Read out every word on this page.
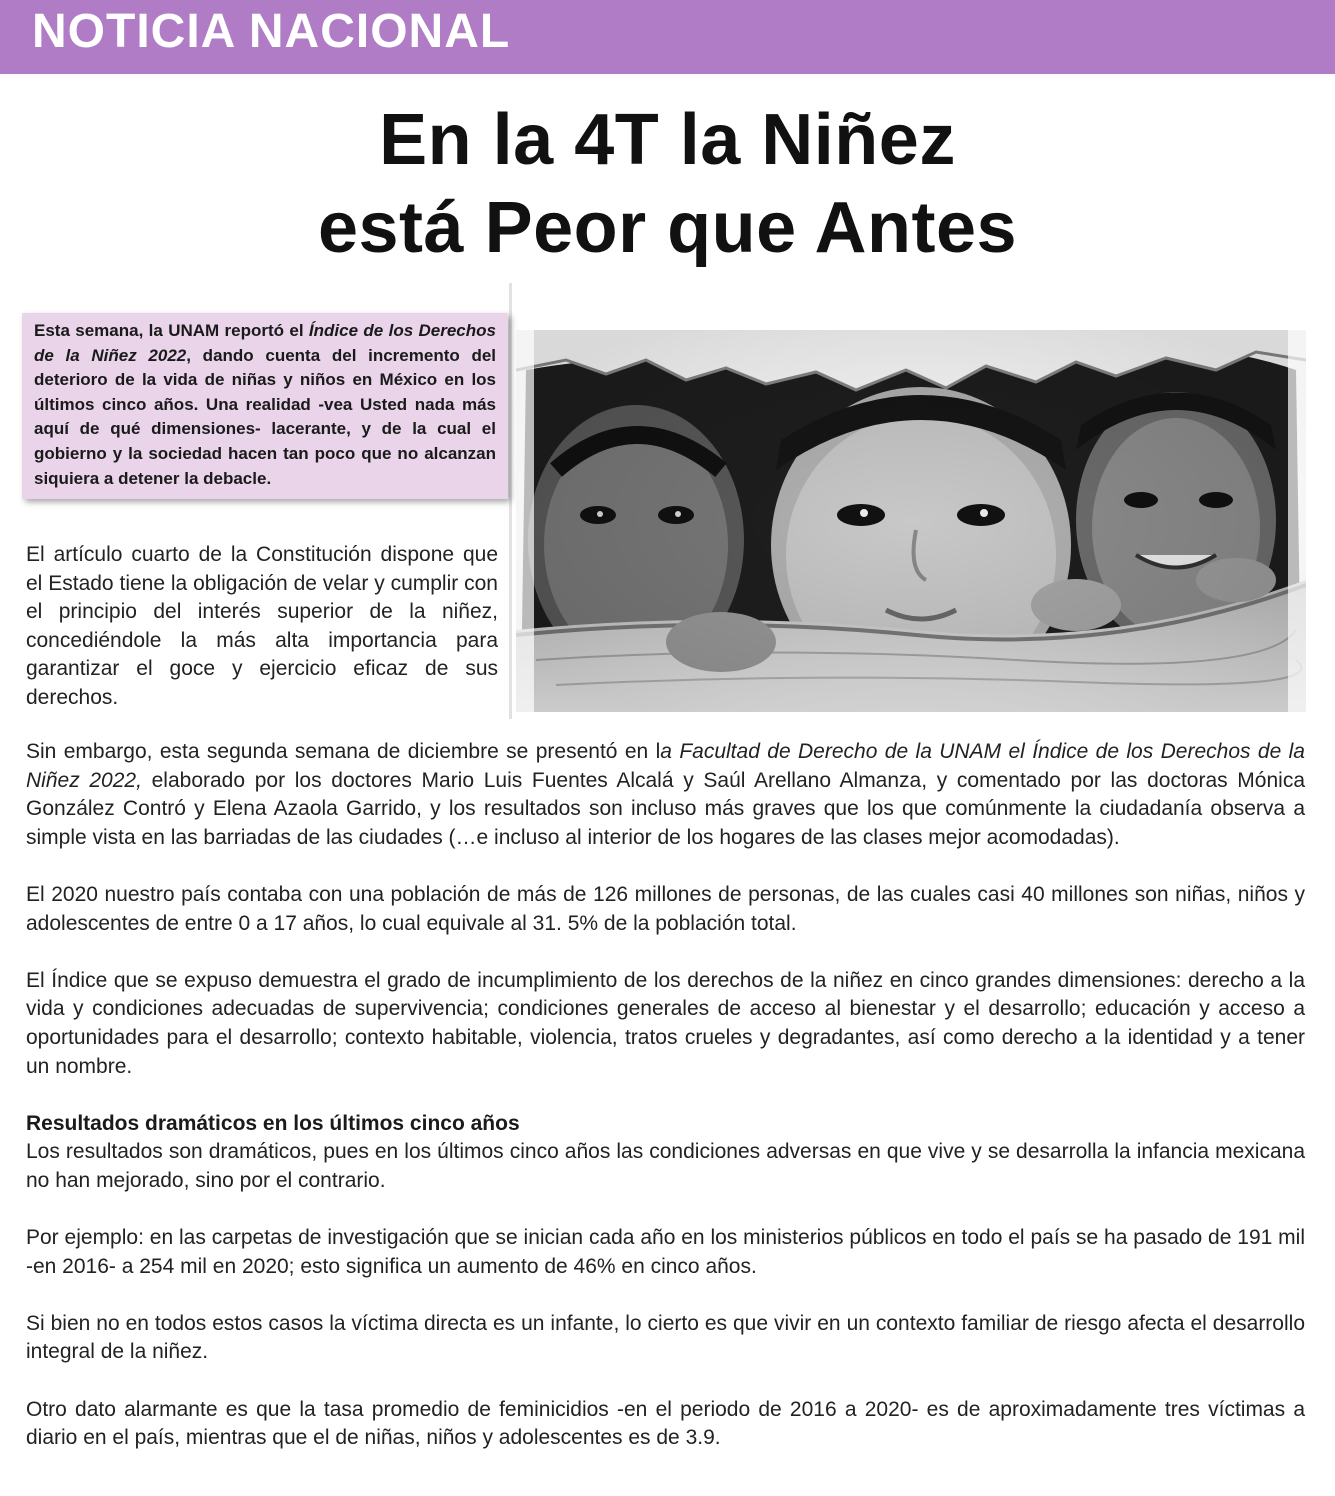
NOTICIA NACIONAL
En la 4T la Niñez
está Peor que Antes
Esta semana, la UNAM reportó el Índice de los Derechos de la Niñez 2022, dando cuenta del incremento del deterioro de la vida de niñas y niños en México en los últimos cinco años. Una realidad -vea Usted nada más aquí de qué dimensiones- lacerante, y de la cual el gobierno y la sociedad hacen tan poco que no alcanzan siquiera a detener la debacle.
El artículo cuarto de la Constitución dispone que el Estado tiene la obligación de velar y cumplir con el principio del interés superior de la niñez, concediéndole la más alta importancia para garantizar el goce y ejercicio eficaz de sus derechos.

Sin embargo, esta segunda semana de diciembre se presentó en la Facultad de Derecho de la UNAM el Índice de los Derechos de la Niñez 2022, elaborado por los doctores Mario Luis Fuentes Alcalá y Saúl Arellano Almanza, y comentado por las doctoras Mónica González Contró y Elena Azaola Garrido, y los resultados son incluso más graves que los que comúnmente la ciudadanía observa a simple vista en las barriadas de las ciudades (…e incluso al interior de los hogares de las clases mejor acomodadas).

El 2020 nuestro país contaba con una población de más de 126 millones de personas, de las cuales casi 40 millones son niñas, niños y adolescentes de entre 0 a 17 años, lo cual equivale al 31. 5% de la población total.

El Índice que se expuso demuestra el grado de incumplimiento de los derechos de la niñez en cinco grandes dimensiones: derecho a la vida y condiciones adecuadas de supervivencia; condiciones generales de acceso al bienestar y el desarrollo; educación y acceso a oportunidades para el desarrollo; contexto habitable, violencia, tratos crueles y degradantes, así como derecho a la identidad y a tener un nombre.

Resultados dramáticos en los últimos cinco años

Los resultados son dramáticos, pues en los últimos cinco años las condiciones adversas en que vive y se desarrolla la infancia mexicana no han mejorado, sino por el contrario.

Por ejemplo: en las carpetas de investigación que se inician cada año en los ministerios públicos en todo el país se ha pasado de 191 mil -en 2016- a 254 mil en 2020; esto significa un aumento de 46% en cinco años.

Si bien no en todos estos casos la víctima directa es un infante, lo cierto es que vivir en un contexto familiar de riesgo afecta el desarrollo integral de la niñez.

Otro dato alarmante es que la tasa promedio de feminicidios -en el periodo de 2016 a 2020- es de aproximadamente tres víctimas a diario en el país, mientras que el de niñas, niños y adolescentes es de 3.9.
